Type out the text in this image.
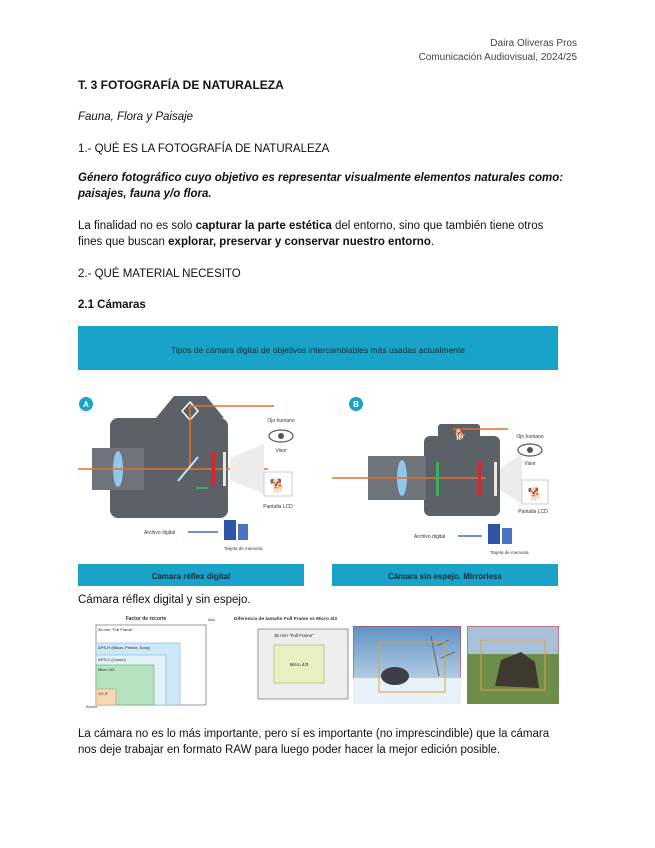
Daira Oliveras Pros
Comunicación Audiovisual, 2024/25
T. 3 FOTOGRAFÍA DE NATURALEZA
Fauna, Flora y Paisaje
1.- QUÉ ES LA FOTOGRAFÍA DE NATURALEZA
Género fotográfico cuyo objetivo es representar visualmente elementos naturales como:
paisajes, fauna y/o flora.
La finalidad no es solo capturar la parte estética del entorno, sino que también tiene otros
fines que buscan explorar, preservar y conservar nuestro entorno.
2.- QUÉ MATERIAL NECESITO
2.1 Cámaras
Tipos de cámara digital de objetivos intercambiables más usadas actualmente
A
🐕
Pantalla LCD
Ojo humano
Visor
Archivo digital
Tarjeta de memoria
Cámara réflex digital
B
🐕
🐕
Pantalla LCD
Ojo humano
Visor
Archivo digital
Tarjeta de memoria
Cámara sin espejo. Mirrorless
Cámara réflex digital y sin espejo.
Factor de recorte	Alto
35 mm "Full Frame"
APS-H (Nikon, Pentax, Sony)
APS-C (Canon)
Micro 4/3
1/2.3"
Ancho
Diferencia de tamaño Full Frame vs Micro 4/3
35 mm "Full Frame"
Micro 4/3
La cámara no es lo más importante, pero sí es importante (no imprescindible) que la cámara
nos deje trabajar en formato RAW para luego poder hacer la mejor edición posible.
